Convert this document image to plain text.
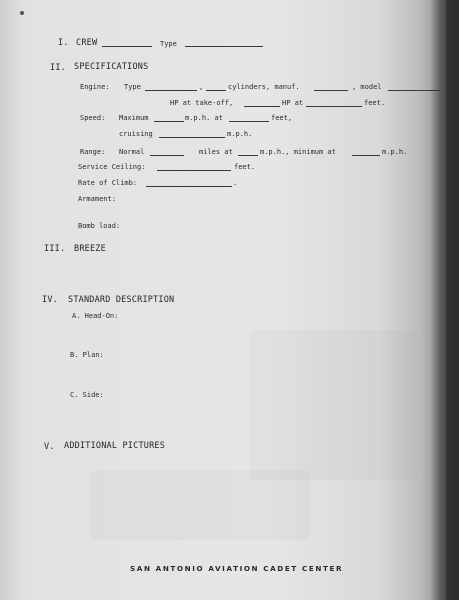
I. CREW	Type
II. SPECIFICATIONS
Engine: Type	,	cylinders, manuf.	, model
HP at take-off,	HP at	feet.
Speed: Maximum	m.p.h. at	feet,
cruising	m.p.h.
Range: Normal	miles at	m.p.h., minimum at	m.p.h.
Service Ceiling:	feet.
Rate of Climb:	.
Armament:
Bomb load:
III. BREEZE
IV. STANDARD DESCRIPTION
A. Head-On:
B. Plan:
C. Side:
V. ADDITIONAL PICTURES
SAN ANTONIO AVIATION CADET CENTER
